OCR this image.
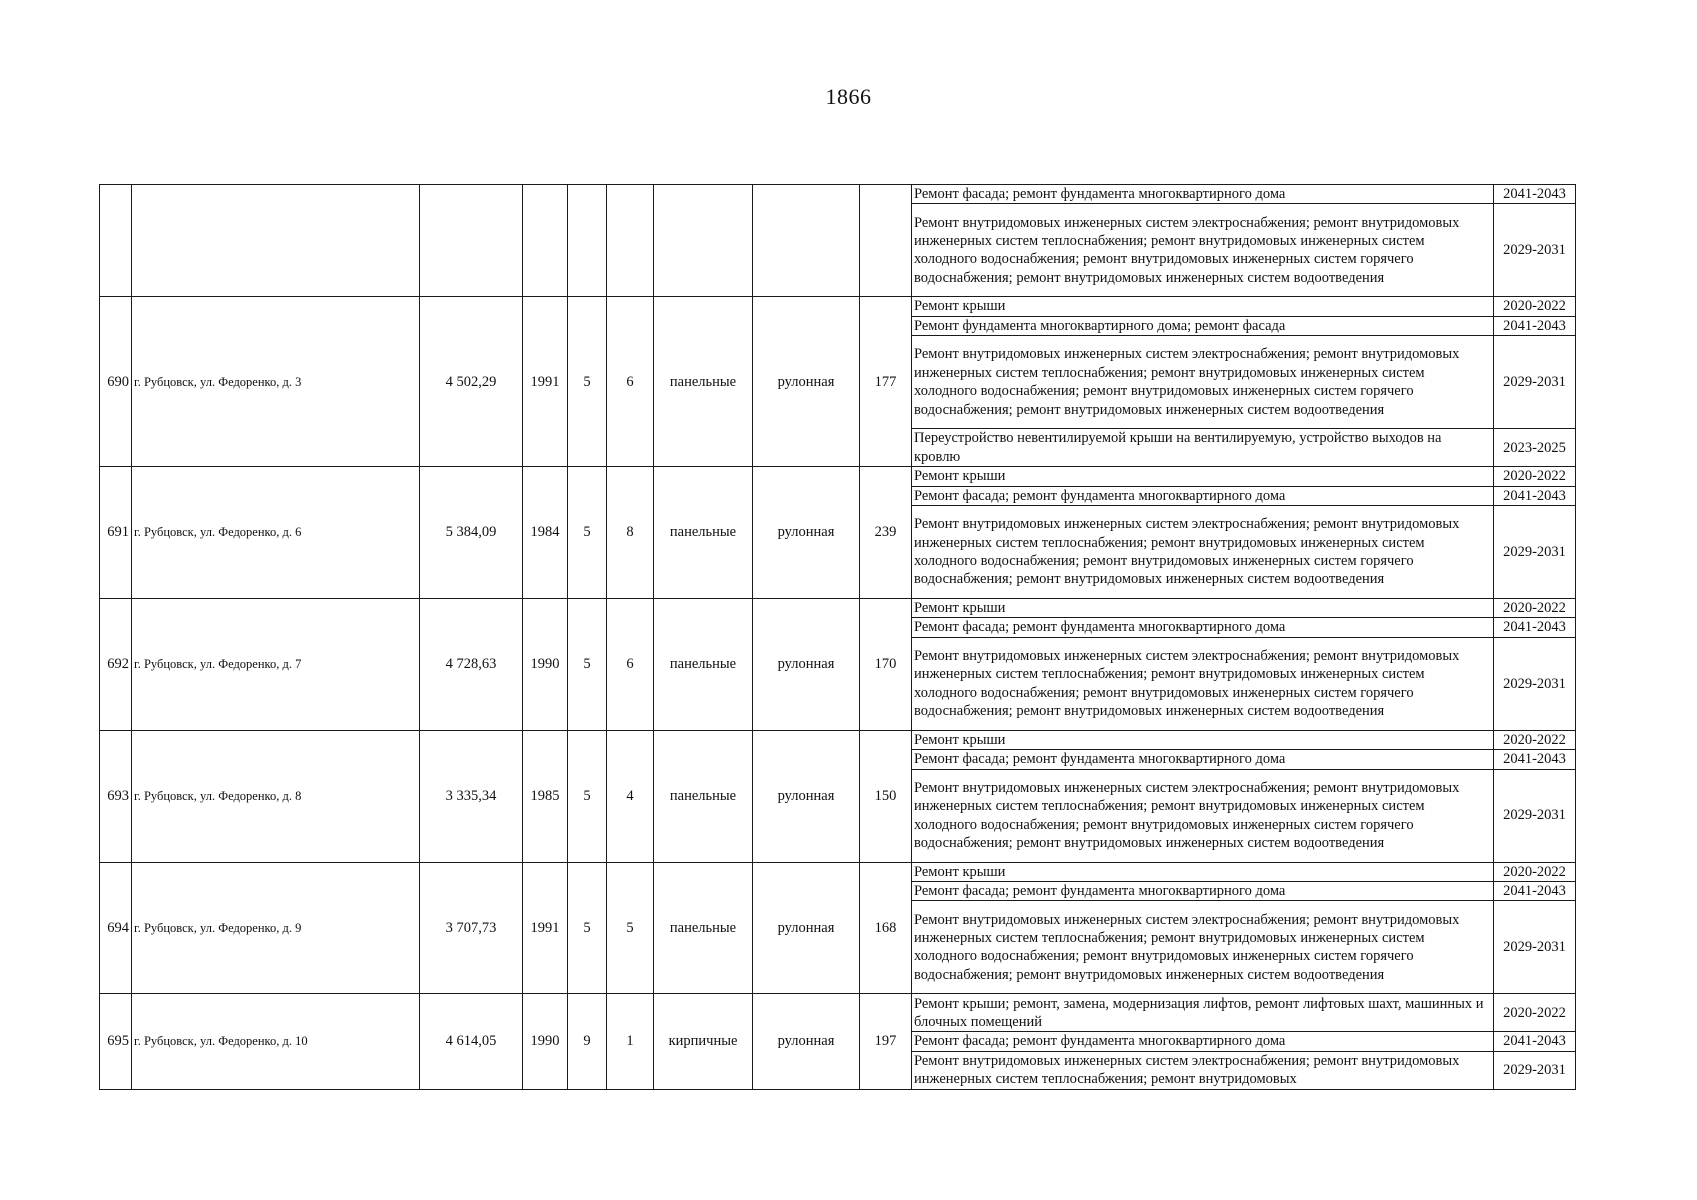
1866
									Ремонт фасада; ремонт фундамента многоквартирного дома	2041-2043
									Ремонт внутридомовых инженерных систем электроснабжения; ремонт внутридомовых инженерных систем теплоснабжения; ремонт внутридомовых инженерных систем холодного водоснабжения; ремонт внутридомовых инженерных систем горячего водоснабжения; ремонт внутридомовых инженерных систем водоотведения	2029-2031
690	г. Рубцовск, ул. Федоренко, д. 3	4 502,29	1991	5	6	панельные	рулонная	177	Ремонт крыши	2020-2022
									Ремонт фундамента многоквартирного дома; ремонт фасада	2041-2043
									Ремонт внутридомовых инженерных систем электроснабжения; ремонт внутридомовых инженерных систем теплоснабжения; ремонт внутридомовых инженерных систем холодного водоснабжения; ремонт внутридомовых инженерных систем горячего водоснабжения; ремонт внутридомовых инженерных систем водоотведения	2029-2031
									Переустройство невентилируемой крыши на вентилируемую, устройство выходов на кровлю	2023-2025
691	г. Рубцовск, ул. Федоренко, д. 6	5 384,09	1984	5	8	панельные	рулонная	239	Ремонт крыши	2020-2022
									Ремонт фасада; ремонт фундамента многоквартирного дома	2041-2043
									Ремонт внутридомовых инженерных систем электроснабжения; ремонт внутридомовых инженерных систем теплоснабжения; ремонт внутридомовых инженерных систем холодного водоснабжения; ремонт внутридомовых инженерных систем горячего водоснабжения; ремонт внутридомовых инженерных систем водоотведения	2029-2031
692	г. Рубцовск, ул. Федоренко, д. 7	4 728,63	1990	5	6	панельные	рулонная	170	Ремонт крыши	2020-2022
									Ремонт фасада; ремонт фундамента многоквартирного дома	2041-2043
									Ремонт внутридомовых инженерных систем электроснабжения; ремонт внутридомовых инженерных систем теплоснабжения; ремонт внутридомовых инженерных систем холодного водоснабжения; ремонт внутридомовых инженерных систем горячего водоснабжения; ремонт внутридомовых инженерных систем водоотведения	2029-2031
693	г. Рубцовск, ул. Федоренко, д. 8	3 335,34	1985	5	4	панельные	рулонная	150	Ремонт крыши	2020-2022
									Ремонт фасада; ремонт фундамента многоквартирного дома	2041-2043
									Ремонт внутридомовых инженерных систем электроснабжения; ремонт внутридомовых инженерных систем теплоснабжения; ремонт внутридомовых инженерных систем холодного водоснабжения; ремонт внутридомовых инженерных систем горячего водоснабжения; ремонт внутридомовых инженерных систем водоотведения	2029-2031
694	г. Рубцовск, ул. Федоренко, д. 9	3 707,73	1991	5	5	панельные	рулонная	168	Ремонт крыши	2020-2022
									Ремонт фасада; ремонт фундамента многоквартирного дома	2041-2043
									Ремонт внутридомовых инженерных систем электроснабжения; ремонт внутридомовых инженерных систем теплоснабжения; ремонт внутридомовых инженерных систем холодного водоснабжения; ремонт внутридомовых инженерных систем горячего водоснабжения; ремонт внутридомовых инженерных систем водоотведения	2029-2031
695	г. Рубцовск, ул. Федоренко, д. 10	4 614,05	1990	9	1	кирпичные	рулонная	197	Ремонт крыши; ремонт, замена, модернизация лифтов, ремонт лифтовых шахт, машинных и блочных помещений	2020-2022
									Ремонт фасада; ремонт фундамента многоквартирного дома	2041-2043
									Ремонт внутридомовых инженерных систем электроснабжения; ремонт внутридомовых инженерных систем теплоснабжения; ремонт внутридомовых	2029-2031
